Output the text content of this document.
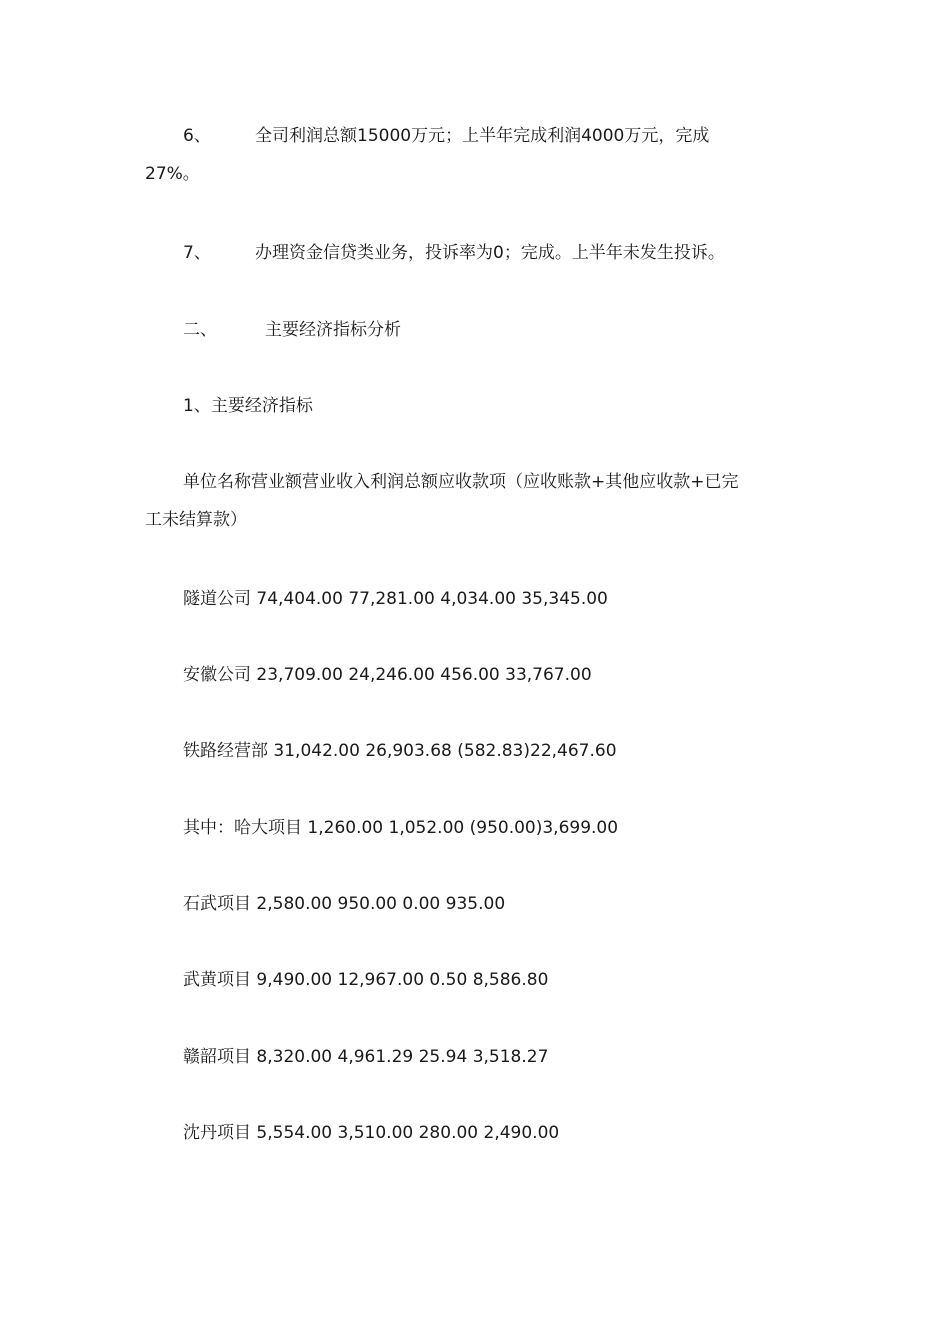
6、	全司利润总额15000万元；上半年完成利润4000万元，完成
27%。
7、	办理资金信贷类业务，投诉率为0；完成。上半年未发生投诉。
二、	主要经济指标分析
1、主要经济指标
单位名称营业额营业收入利润总额应收款项（应收账款+其他应收款+已完
工未结算款）
隧道公司 74,404.00 77,281.00 4,034.00 35,345.00
安徽公司 23,709.00 24,246.00 456.00 33,767.00
铁路经营部 31,042.00 26,903.68 (582.83)22,467.60
其中：哈大项目 1,260.00 1,052.00 (950.00)3,699.00
石武项目 2,580.00 950.00 0.00 935.00
武黄项目 9,490.00 12,967.00 0.50 8,586.80
赣韶项目 8,320.00 4,961.29 25.94 3,518.27
沈丹项目 5,554.00 3,510.00 280.00 2,490.00
